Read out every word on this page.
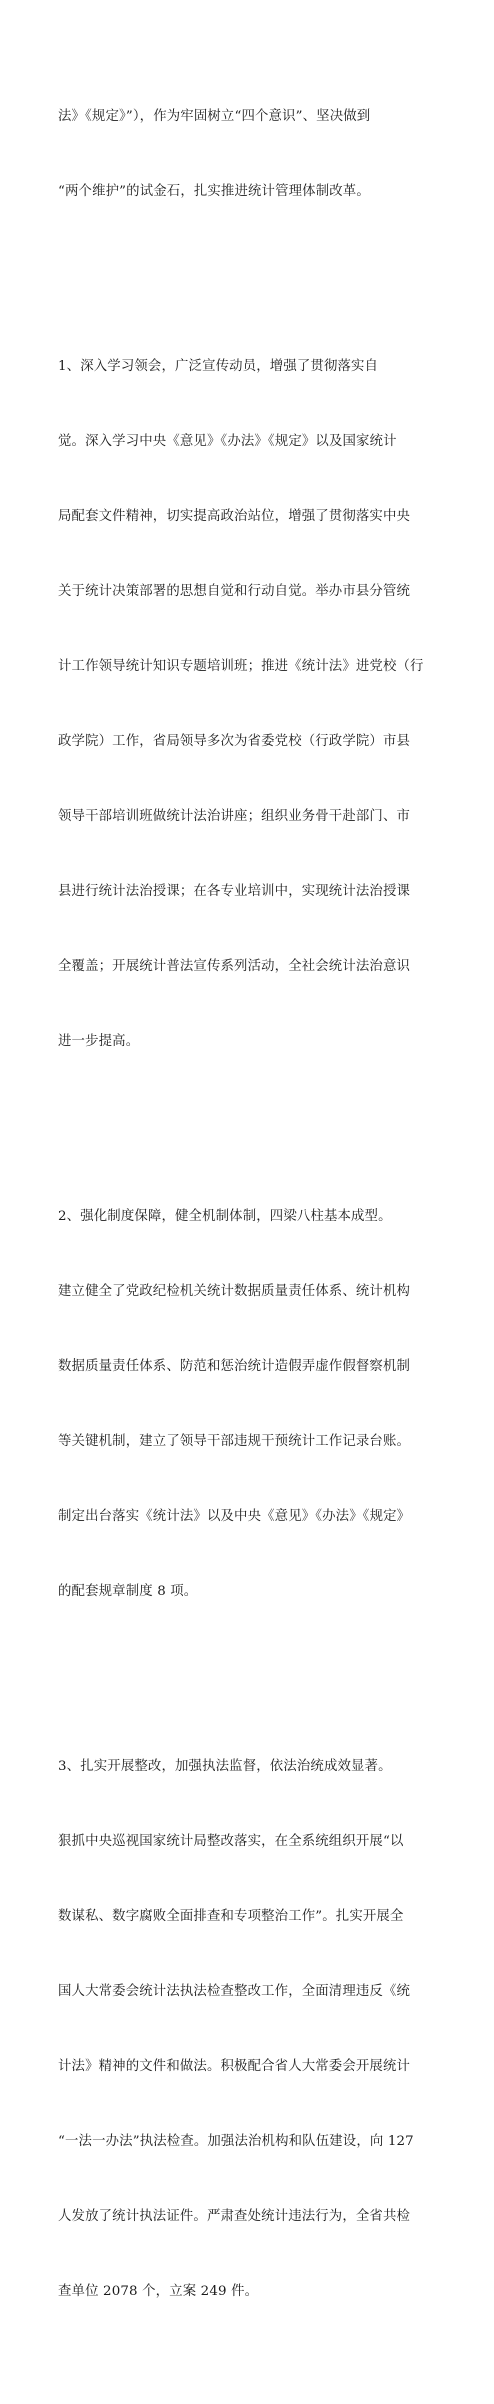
法》《规定》”），作为牢固树立“四个意识”、坚决做到

“两个维护”的试金石，扎实推进统计管理体制改革。

1、深入学习领会，广泛宣传动员，增强了贯彻落实自

觉。深入学习中央《意见》《办法》《规定》以及国家统计

局配套文件精神，切实提高政治站位，增强了贯彻落实中央

关于统计决策部署的思想自觉和行动自觉。举办市县分管统

计工作领导统计知识专题培训班；推进《统计法》进党校（行

政学院）工作，省局领导多次为省委党校（行政学院）市县

领导干部培训班做统计法治讲座；组织业务骨干赴部门、市

县进行统计法治授课；在各专业培训中，实现统计法治授课

全覆盖；开展统计普法宣传系列活动，全社会统计法治意识

进一步提高。

2、强化制度保障，健全机制体制，四梁八柱基本成型。

建立健全了党政纪检机关统计数据质量责任体系、统计机构

数据质量责任体系、防范和惩治统计造假弄虚作假督察机制

等关键机制，建立了领导干部违规干预统计工作记录台账。

制定出台落实《统计法》以及中央《意见》《办法》《规定》

的配套规章制度 8 项。

3、扎实开展整改，加强执法监督，依法治统成效显著。

狠抓中央巡视国家统计局整改落实，在全系统组织开展“以

数谋私、数字腐败全面排查和专项整治工作”。扎实开展全

国人大常委会统计法执法检查整改工作，全面清理违反《统

计法》精神的文件和做法。积极配合省人大常委会开展统计

“一法一办法”执法检查。加强法治机构和队伍建设，向 127

人发放了统计执法证件。严肃查处统计违法行为，全省共检

查单位 2078 个，立案 249 件。
